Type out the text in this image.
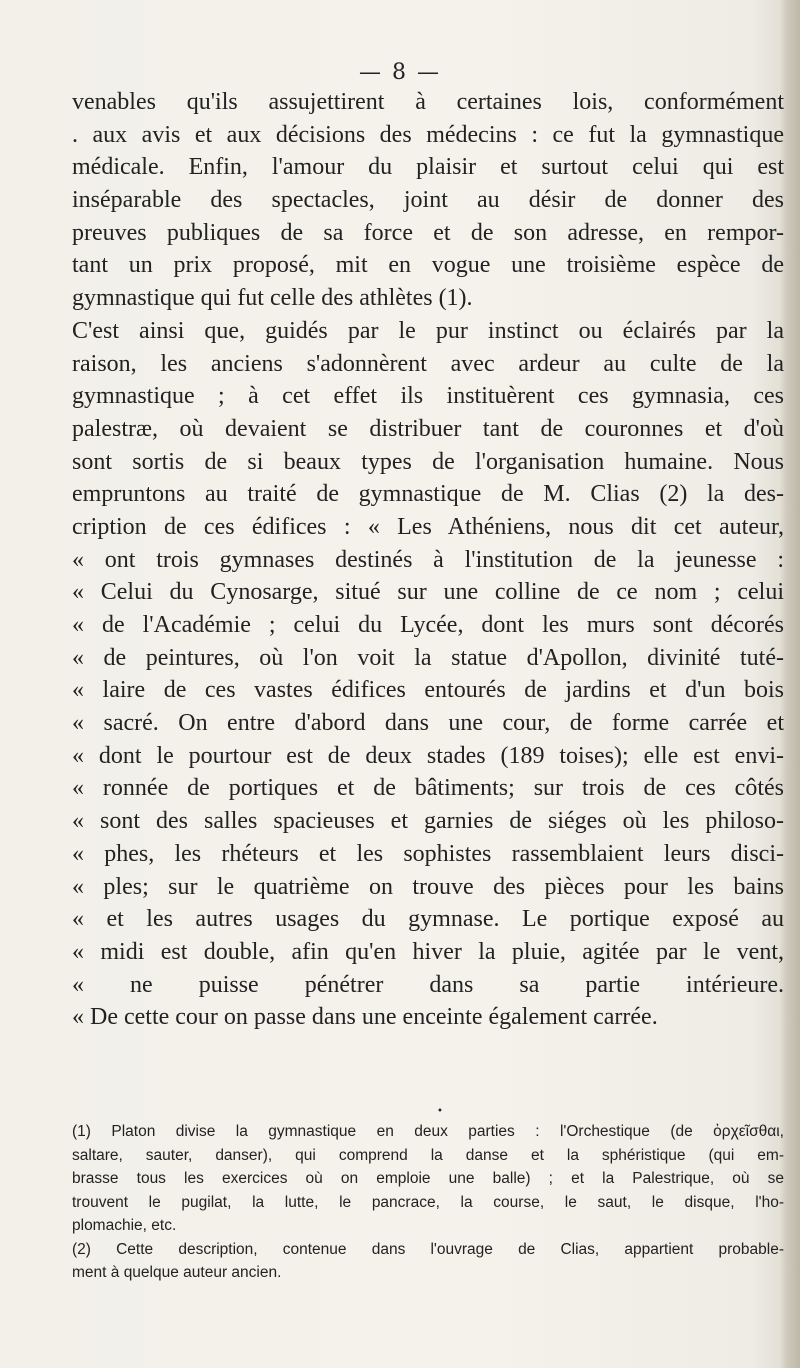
— 8 —
venables qu'ils assujettirent à certaines lois, conformément
. aux avis et aux décisions des médecins : ce fut la gymnastique
médicale. Enfin, l'amour du plaisir et surtout celui qui est
inséparable des spectacles, joint au désir de donner des
preuves publiques de sa force et de son adresse, en rempor-
tant un prix proposé, mit en vogue une troisième espèce de
gymnastique qui fut celle des athlètes (1).
C'est ainsi que, guidés par le pur instinct ou éclairés par la
raison, les anciens s'adonnèrent avec ardeur au culte de la
gymnastique ; à cet effet ils instituèrent ces gymnasia, ces
palestræ, où devaient se distribuer tant de couronnes et d'où
sont sortis de si beaux types de l'organisation humaine. Nous
empruntons au traité de gymnastique de M. Clias (2) la des-
cription de ces édifices : « Les Athéniens, nous dit cet auteur,
« ont trois gymnases destinés à l'institution de la jeunesse :
« Celui du Cynosarge, situé sur une colline de ce nom ; celui
« de l'Académie ; celui du Lycée, dont les murs sont décorés
« de peintures, où l'on voit la statue d'Apollon, divinité tuté-
« laire de ces vastes édifices entourés de jardins et d'un bois
« sacré. On entre d'abord dans une cour, de forme carrée et
« dont le pourtour est de deux stades (189 toises); elle est envi-
« ronnée de portiques et de bâtiments; sur trois de ces côtés
« sont des salles spacieuses et garnies de siéges où les philoso-
« phes, les rhéteurs et les sophistes rassemblaient leurs disci-
« ples; sur le quatrième on trouve des pièces pour les bains
« et les autres usages du gymnase. Le portique exposé au
« midi est double, afin qu'en hiver la pluie, agitée par le vent,
« ne puisse pénétrer dans sa partie intérieure.
« De cette cour on passe dans une enceinte également carrée.
•
(1) Platon divise la gymnastique en deux parties : l'Orchestique (de ὀρχεῖσθαι,
saltare, sauter, danser), qui comprend la danse et la sphéristique (qui em-
brasse tous les exercices où on emploie une balle) ; et la Palestrique, où se
trouvent le pugilat, la lutte, le pancrace, la course, le saut, le disque, l'ho-
plomachie, etc.
(2) Cette description, contenue dans l'ouvrage de Clias, appartient probable-
ment à quelque auteur ancien.
